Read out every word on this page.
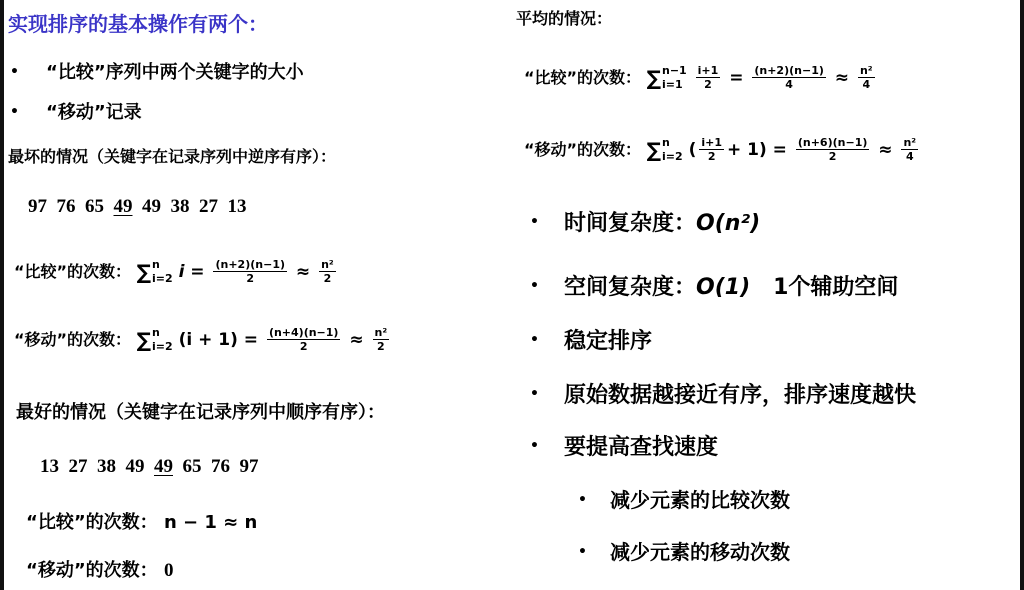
实现排序的基本操作有两个：
• “比较”序列中两个关键字的大小
• “移动”记录
最坏的情况（关键字在记录序列中逆序有序）：
97 76 65 49 49 38 27 13
“比较”的次数： ∑ n
i=2 $i = \frac{(n+2)(n-1)}{2} \approx \frac{\text{n²}}{2}$
“移动”的次数： ∑ n
i=2 $(i + 1) = \frac{(n+4)(n-1)}{2} \approx \frac{\text{n²}}{2}$
最好的情况（关键字在记录序列中顺序有序）：
13 27 38 49 49 65 76 97
“比较”的次数： n − 1 ≈ n
“移动”的次数： 0
平均的情况：
“比较”的次数： ∑ n−1
i=1
	$\frac{i+1}{2} = \frac{(n+2)(n-1)}{4} \approx \frac{\text{n²}}{4}$
“移动”的次数： ∑ n
i=2 ( $\frac{i+1}{2} + 1) = \frac{(n+6)(n-1)}{2} \approx \frac{\text{n²}}{4}$
• 时间复杂度：O(n²)
• 空间复杂度：O(1) 1个辅助空间
• 稳定排序
• 原始数据越接近有序，排序速度越快
• 要提高查找速度
• 减少元素的比较次数
• 减少元素的移动次数
